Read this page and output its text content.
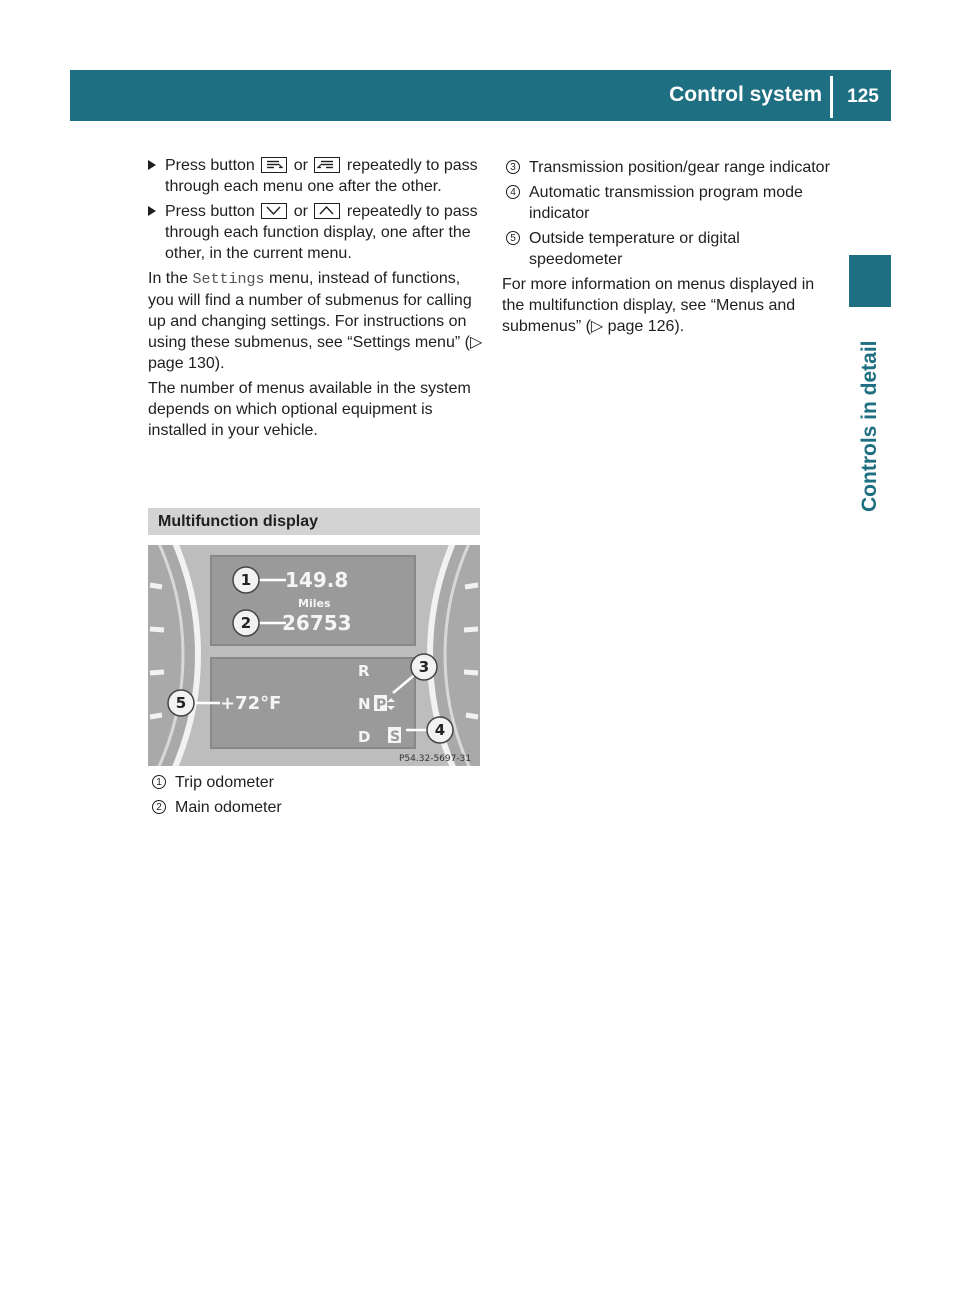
Control system	125
Controls in detail
Press button or repeatedly to pass through each menu one after the other.
Press button or repeatedly to pass through each function display, one after the other, in the current menu.

In the Settings menu, instead of functions, you will find a number of submenus for calling up and changing settings. For instructions on using these submenus, see “Settings menu” (▷ page 130).

The number of menus available in the system depends on which optional equipment is installed in your vehicle.

Multifunction display
1
2
3
4
5
149.8
Miles
26753
+72°F
R
N
D
P
S
P54.32-5697-31
1 Trip odometer
2 Main odometer
3 Transmission position/gear range indicator
4 Automatic transmission program mode indicator
5 Outside temperature or digital speedometer

For more information on menus displayed in the multifunction display, see “Menus and submenus” (▷ page 126).
